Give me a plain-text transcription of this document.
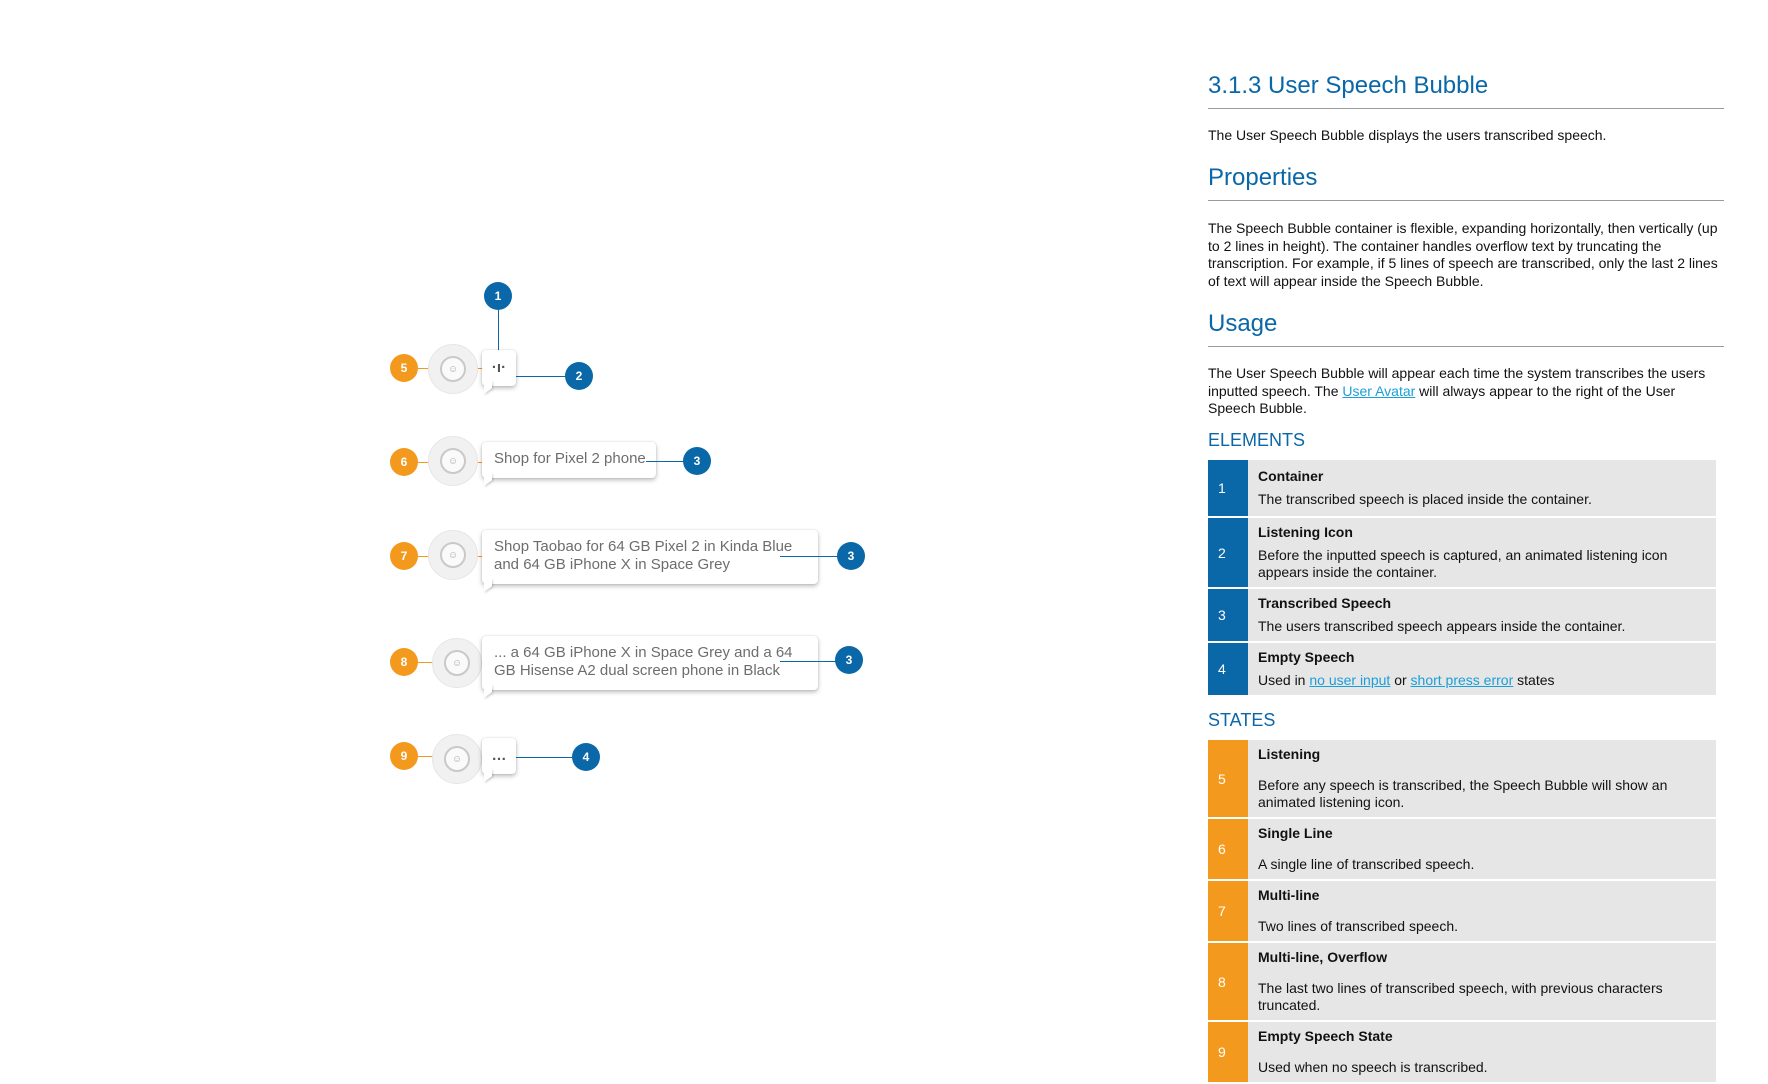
1
5	☺	·ı·	2
6	☺	Shop for Pixel 2 phone	3
7	☺	Shop Taobao for 64 GB Pixel 2 in Kinda Blue and 64 GB iPhone X in Space Grey	3
8	☺
... a 64 GB iPhone X in Space Grey and a 64 GB Hisense A2 dual screen phone in Black
3
9	☺	…	4
3.1.3 User Speech Bubble
The User Speech Bubble displays the users transcribed speech.
Properties
The Speech Bubble container is flexible, expanding horizontally, then vertically (up to 2 lines in height). The container handles overflow text by truncating the transcription. For example, if 5 lines of speech are transcribed, only the last 2 lines of text will appear inside the Speech Bubble.
Usage
The User Speech Bubble will appear each time the system transcribes the users inputted speech. The User Avatar will always appear to the right of the User Speech Bubble.
ELEMENTS
1	Container
The transcribed speech is placed inside the container.

2	Listening Icon
Before the inputted speech is captured, an animated listening icon appears inside the container.

3	Transcribed Speech
The users transcribed speech appears inside the container.

4	Empty Speech
Used in no user input or short press error states
STATES
5	Listening
Before any speech is transcribed, the Speech Bubble will show an animated listening icon.

6	Single Line
A single line of transcribed speech.

7	Multi-line
Two lines of transcribed speech.

8	Multi-line, Overflow
The last two lines of transcribed speech, with previous characters truncated.

9	Empty Speech State
Used when no speech is transcribed.
